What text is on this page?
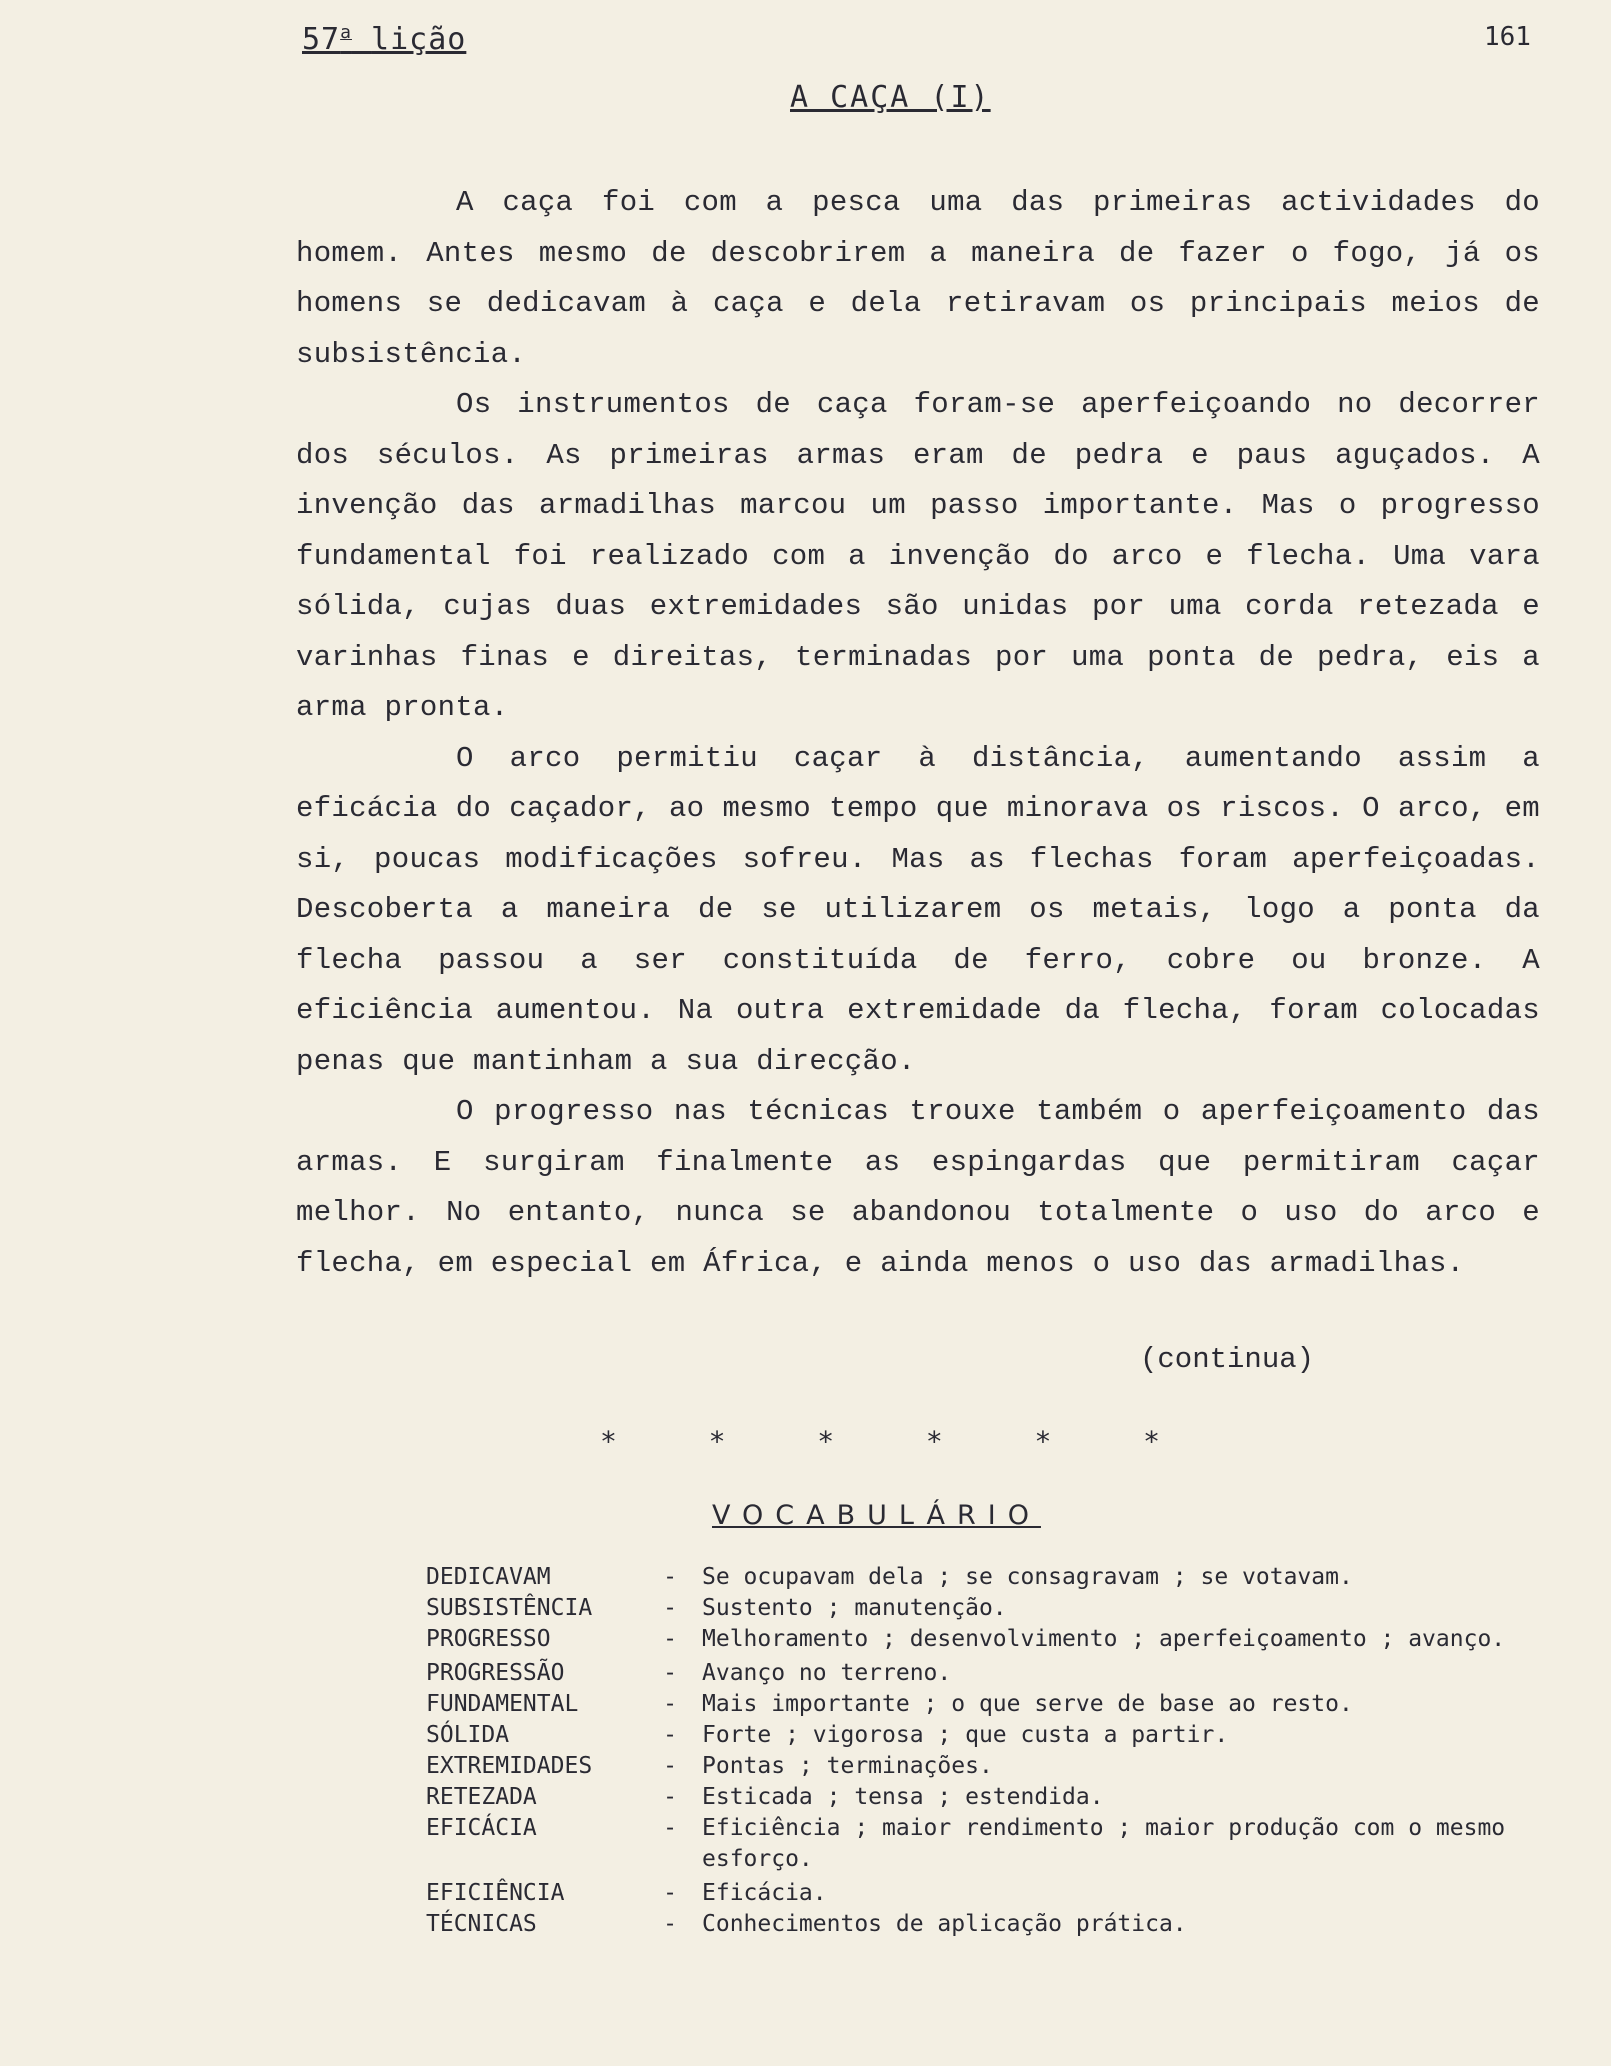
57$^a$ lição	161
A CAÇA (I)

A caça foi com a pesca uma das primeiras actividades do homem. Antes mesmo de descobrirem a maneira de fazer o fogo, já os homens se dedicavam à caça e dela retiravam os principais meios de subsistência.

Os instrumentos de caça foram-se aperfeiçoando no decorrer dos séculos. As primeiras armas eram de pedra e paus aguçados. A invenção das armadilhas marcou um passo importante. Mas o progresso fundamental foi realizado com a invenção do arco e flecha. Uma vara sólida, cujas duas extremidades são unidas por uma corda retezada e varinhas finas e direitas, terminadas por uma ponta de pedra, eis a arma pronta.

O arco permitiu caçar à distância, aumentando assim a eficácia do caçador, ao mesmo tempo que minorava os riscos. O arco, em si, poucas modificações sofreu. Mas as flechas foram aperfeiçoadas. Descoberta a maneira de se utilizarem os metais, logo a ponta da flecha passou a ser constituída de ferro, cobre ou bronze. A eficiência aumentou. Na outra extremidade da flecha, foram colocadas penas que mantinham a sua direcção.

O progresso nas técnicas trouxe também o aperfeiçoamento das armas. E surgiram finalmente as espingardas que permitiram caçar melhor. No entanto, nunca se abandonou totalmente o uso do arco e flecha, em especial em África, e ainda menos o uso das armadilhas.

(continua)
*	*	*	*	*	*
VOCABULÁRIO
DEDICAVAM	-	Se ocupavam dela ; se consagravam ; se votavam.
SUBSISTÊNCIA	-	Sustento ; manutenção.
PROGRESSO	-	Melhoramento ; desenvolvimento ; aperfeiçoamento ; avanço.
PROGRESSÃO	-	Avanço no terreno.
FUNDAMENTAL	-	Mais importante ; o que serve de base ao resto.
SÓLIDA	-	Forte ; vigorosa ; que custa a partir.
EXTREMIDADES	-	Pontas ; terminações.
RETEZADA	-	Esticada ; tensa ; estendida.
EFICÁCIA	-	Eficiência ; maior rendimento ; maior produção com o mesmo esforço.
EFICIÊNCIA	-	Eficácia.
TÉCNICAS	-	Conhecimentos de aplicação prática.
